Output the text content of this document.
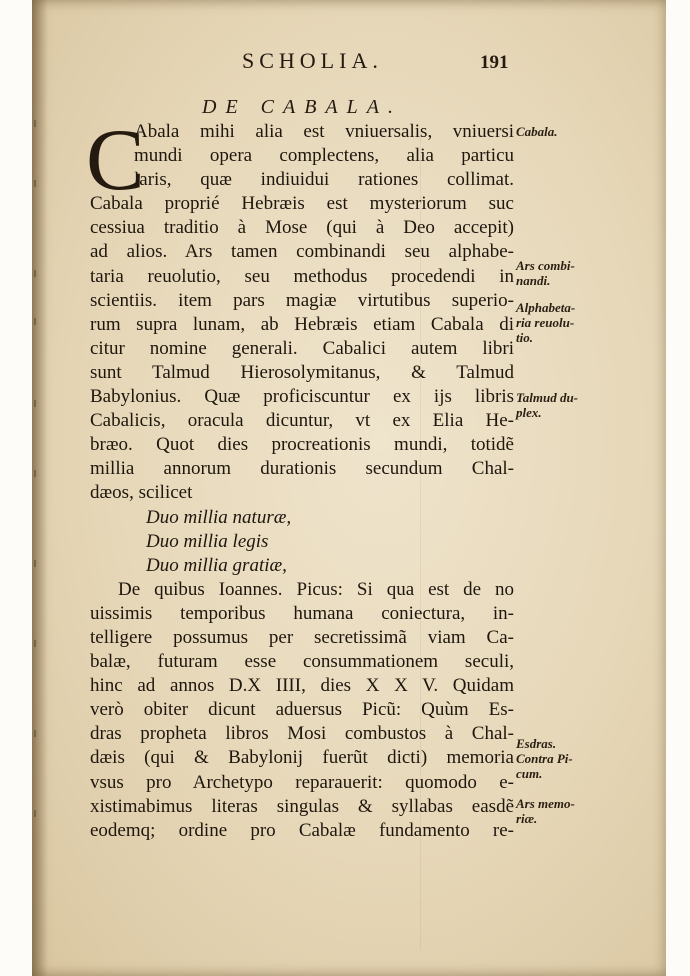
SCHOLIA.	191
DE CABALA.
C
Abala mihi alia est vniuersalis, vniuersi
mundi opera complectens, alia particu
laris, quæ indiuidui rationes collimat.
Cabala proprié Hebræis est mysteriorum suc
cessiua traditio à Mose (qui à Deo accepit)
ad alios. Ars tamen combinandi seu alphabe-
taria reuolutio, seu methodus procedendi in
scientiis. item pars magiæ virtutibus superio-
rum supra lunam, ab Hebræis etiam Cabala di
citur nomine generali. Cabalici autem libri
sunt Talmud Hierosolymitanus, & Talmud
Babylonius. Quæ proficiscuntur ex ijs libris
Cabalicis, oracula dicuntur, vt ex Elia He-
bræo. Quot dies procreationis mundi, totidẽ
millia annorum durationis secundum Chal-
dæos, scilicet
Duo millia naturæ,
Duo millia legis
Duo millia gratiæ,
De quibus Ioannes. Picus: Si qua est de no
uissimis temporibus humana coniectura, in-
telligere possumus per secretissimã viam Ca-
balæ, futuram esse consummationem seculi,
hinc ad annos D.X IIII, dies X X V. Quidam
verò obiter dicunt aduersus Picũ: Quùm Es-
dras propheta libros Mosi combustos à Chal-
dæis (qui & Babylonij fuerũt dicti) memoria
vsus pro Archetypo reparauerit: quomodo e-
xistimabimus literas singulas & syllabas easdẽ
eodemq; ordine pro Cabalæ fundamento re-
Cabala.
Ars combi-
nandi.
Alphabeta-
ria reuolu-
tio.
Talmud du-
plex.
Esdras.
Contra Pi-
cum.
Ars memo-
riæ.
